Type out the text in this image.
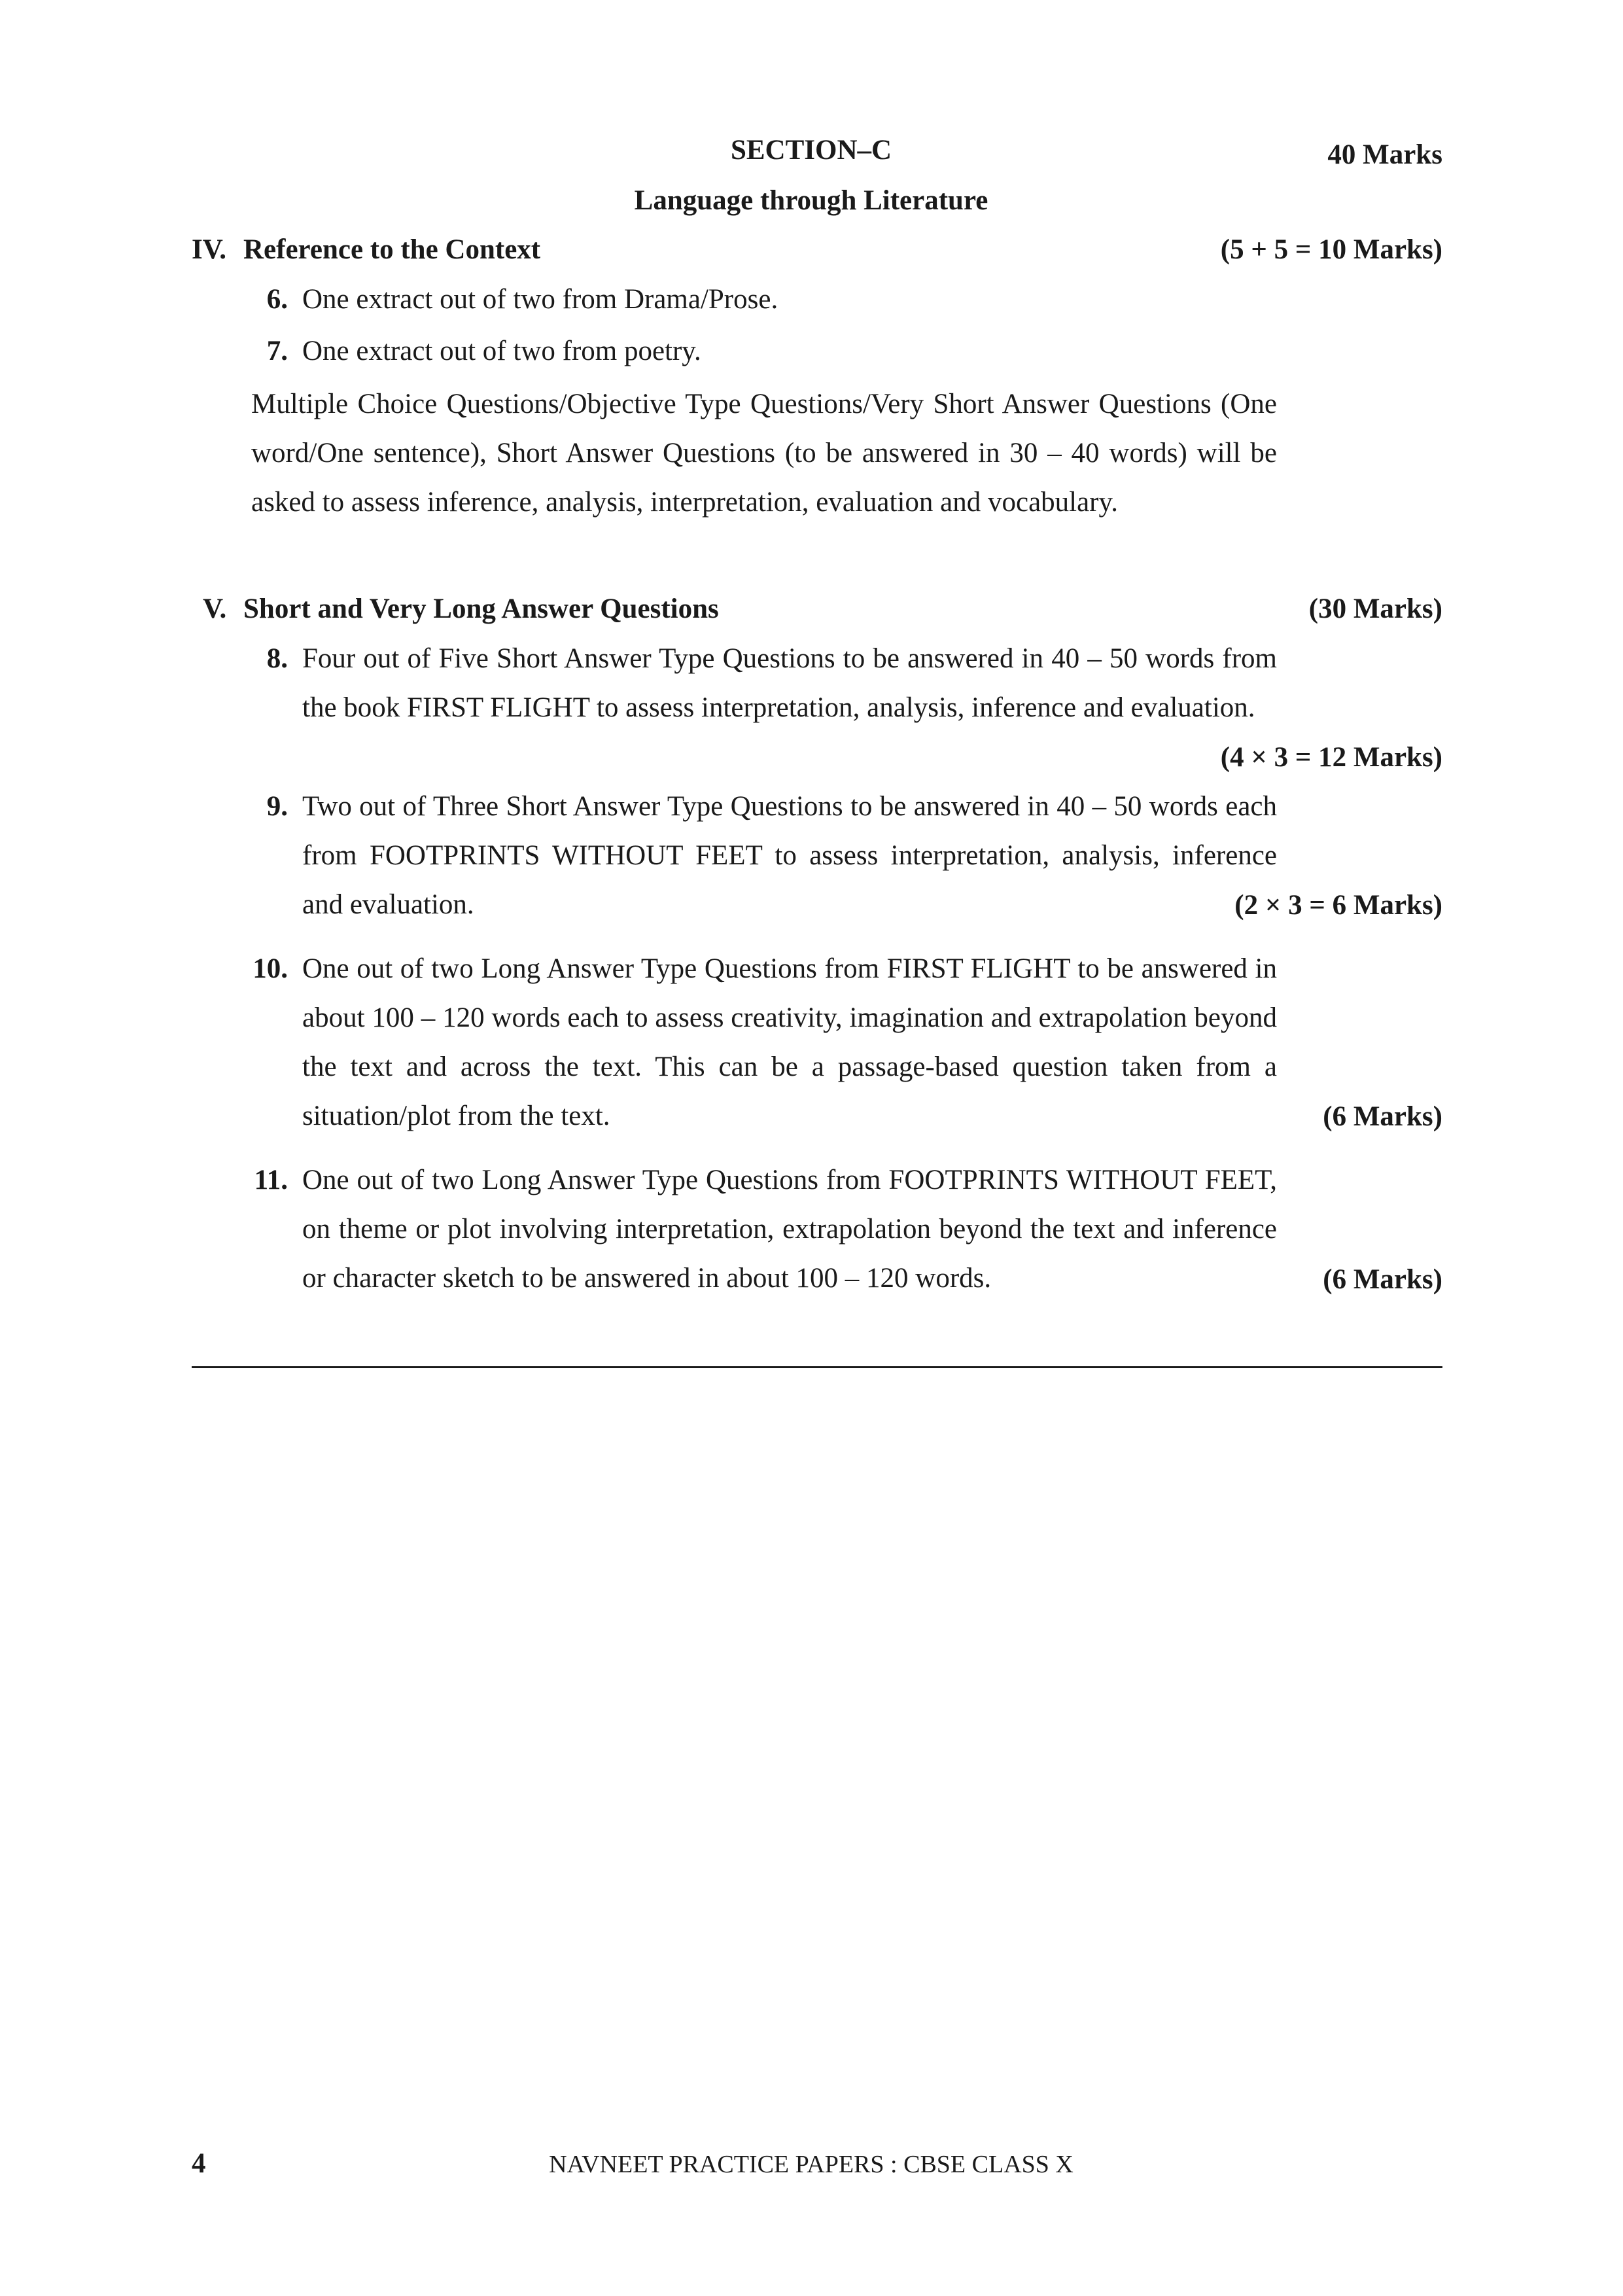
SECTION–C	40 Marks
Language through Literature
IV. Reference to the Context	(5 + 5 = 10 Marks)
6. One extract out of two from Drama/Prose.
7. One extract out of two from poetry.
Multiple Choice Questions/Objective Type Questions/Very Short Answer Questions (One word/One sentence), Short Answer Questions (to be answered in 30 – 40 words) will be asked to assess inference, analysis, interpretation, evaluation and vocabulary.
V. Short and Very Long Answer Questions	(30 Marks)
8. Four out of Five Short Answer Type Questions to be answered in 40 – 50 words from the book FIRST FLIGHT to assess interpretation, analysis, inference and evaluation.
(4 × 3 = 12 Marks)
9. Two out of Three Short Answer Type Questions to be answered in 40 – 50 words each from FOOTPRINTS WITHOUT FEET to assess interpretation, analysis, inference and evaluation.	(2 × 3 = 6 Marks)
10. One out of two Long Answer Type Questions from FIRST FLIGHT to be answered in about 100 – 120 words each to assess creativity, imagination and extrapolation beyond the text and across the text. This can be a passage-based question taken from a situation/plot from the text.	(6 Marks)
11. One out of two Long Answer Type Questions from FOOTPRINTS WITHOUT FEET, on theme or plot involving interpretation, extrapolation beyond the text and inference or character sketch to be answered in about 100 – 120 words.	(6 Marks)
4	NAVNEET PRACTICE PAPERS : CBSE CLASS X
